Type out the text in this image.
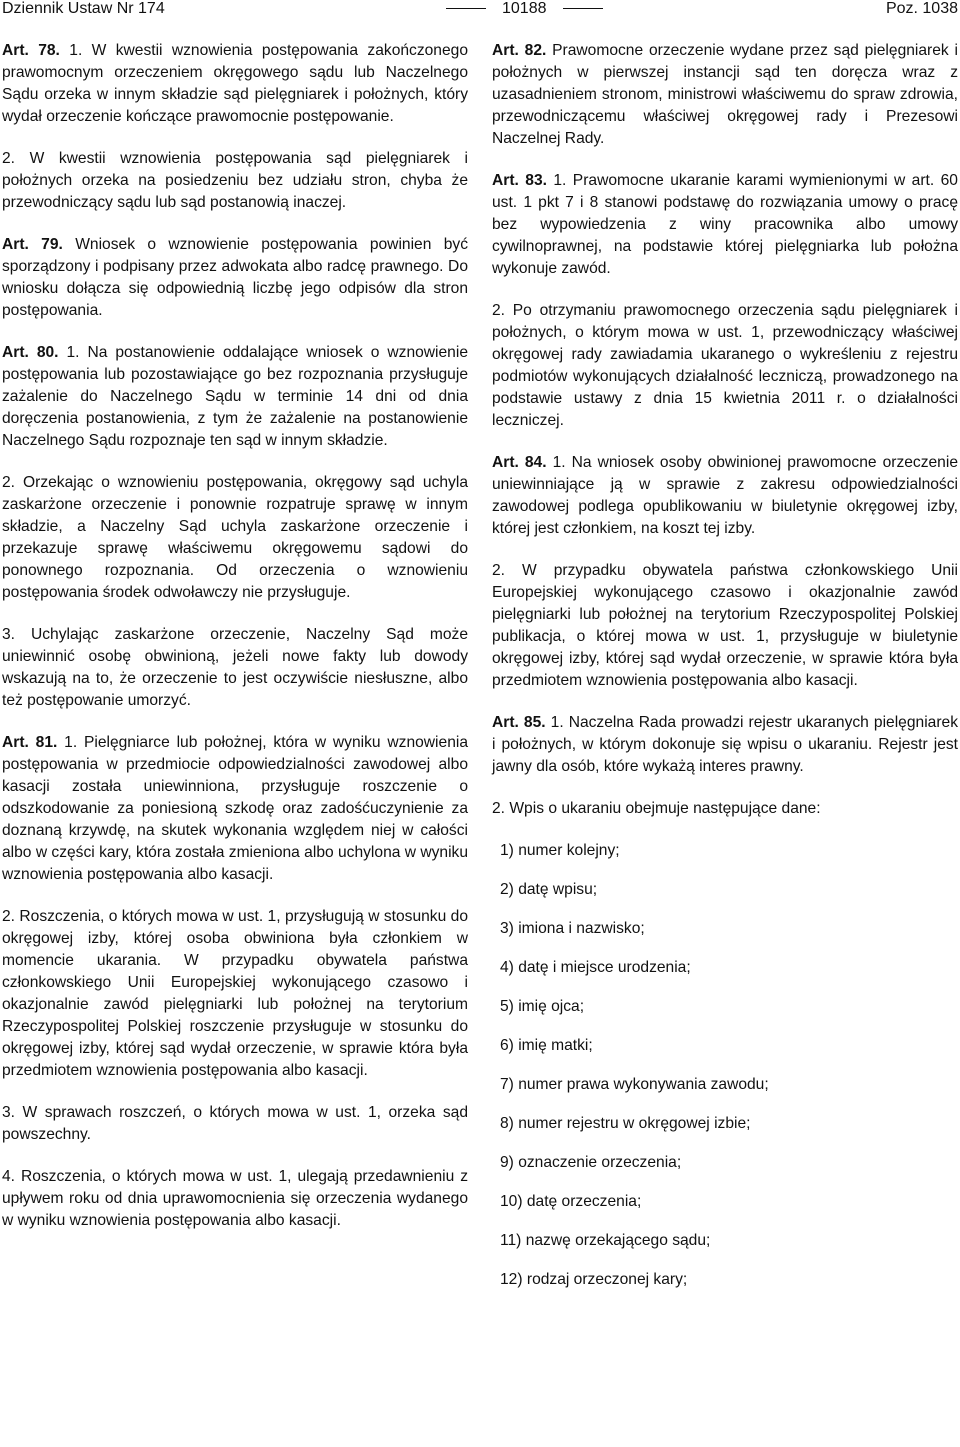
Dziennik Ustaw Nr 174	10188	Poz. 1038

Art. 78. 1. W kwestii wznowienia postępowania zakończonego prawomocnym orzeczeniem okręgowego sądu lub Naczelnego Sądu orzeka w innym składzie sąd pielęgniarek i położnych, który wydał orzeczenie kończące prawomocnie postępowanie.

2. W kwestii wznowienia postępowania sąd pielęgniarek i położnych orzeka na posiedzeniu bez udziału stron, chyba że przewodniczący sądu lub sąd postanowią inaczej.

Art. 79. Wniosek o wznowienie postępowania powinien być sporządzony i podpisany przez adwokata albo radcę prawnego. Do wniosku dołącza się odpowiednią liczbę jego odpisów dla stron postępowania.

Art. 80. 1. Na postanowienie oddalające wniosek o wznowienie postępowania lub pozostawiające go bez rozpoznania przysługuje zażalenie do Naczelnego Sądu w terminie 14 dni od dnia doręczenia postanowienia, z tym że zażalenie na postanowienie Naczelnego Sądu rozpoznaje ten sąd w innym składzie.

2. Orzekając o wznowieniu postępowania, okręgowy sąd uchyla zaskarżone orzeczenie i ponownie rozpatruje sprawę w innym składzie, a Naczelny Sąd uchyla zaskarżone orzeczenie i przekazuje sprawę właściwemu okręgowemu sądowi do ponownego rozpoznania. Od orzeczenia o wznowieniu postępowania środek odwoławczy nie przysługuje.

3. Uchylając zaskarżone orzeczenie, Naczelny Sąd może uniewinnić osobę obwinioną, jeżeli nowe fakty lub dowody wskazują na to, że orzeczenie to jest oczywiście niesłuszne, albo też postępowanie umorzyć.

Art. 81. 1. Pielęgniarce lub położnej, która w wyniku wznowienia postępowania w przedmiocie odpowiedzialności zawodowej albo kasacji została uniewinniona, przysługuje roszczenie o odszkodowanie za poniesioną szkodę oraz zadośćuczynienie za doznaną krzywdę, na skutek wykonania względem niej w całości albo w części kary, która została zmieniona albo uchylona w wyniku wznowienia postępowania albo kasacji.

2. Roszczenia, o których mowa w ust. 1, przysługują w stosunku do okręgowej izby, której osoba obwiniona była członkiem w momencie ukarania. W przypadku obywatela państwa członkowskiego Unii Europejskiej wykonującego czasowo i okazjonalnie zawód pielęgniarki lub położnej na terytorium Rzeczypospolitej Polskiej roszczenie przysługuje w stosunku do okręgowej izby, której sąd wydał orzeczenie, w sprawie która była przedmiotem wznowienia postępowania albo kasacji.

3. W sprawach roszczeń, o których mowa w ust. 1, orzeka sąd powszechny.

4. Roszczenia, o których mowa w ust. 1, ulegają przedawnieniu z upływem roku od dnia uprawomocnienia się orzeczenia wydanego w wyniku wznowienia postępowania albo kasacji.

Art. 82. Prawomocne orzeczenie wydane przez sąd pielęgniarek i położnych w pierwszej instancji sąd ten doręcza wraz z uzasadnieniem stronom, ministrowi właściwemu do spraw zdrowia, przewodniczącemu właściwej okręgowej rady i Prezesowi Naczelnej Rady.

Art. 83. 1. Prawomocne ukaranie karami wymienionymi w art. 60 ust. 1 pkt 7 i 8 stanowi podstawę do rozwiązania umowy o pracę bez wypowiedzenia z winy pracownika albo umowy cywilnoprawnej, na podstawie której pielęgniarka lub położna wykonuje zawód.

2. Po otrzymaniu prawomocnego orzeczenia sądu pielęgniarek i położnych, o którym mowa w ust. 1, przewodniczący właściwej okręgowej rady zawiadamia ukaranego o wykreśleniu z rejestru podmiotów wykonujących działalność leczniczą, prowadzonego na podstawie ustawy z dnia 15 kwietnia 2011 r. o działalności leczniczej.

Art. 84. 1. Na wniosek osoby obwinionej prawomocne orzeczenie uniewinniające ją w sprawie z zakresu odpowiedzialności zawodowej podlega opublikowaniu w biuletynie okręgowej izby, której jest członkiem, na koszt tej izby.

2. W przypadku obywatela państwa członkowskiego Unii Europejskiej wykonującego czasowo i okazjonalnie zawód pielęgniarki lub położnej na terytorium Rzeczypospolitej Polskiej publikacja, o której mowa w ust. 1, przysługuje w biuletynie okręgowej izby, której sąd wydał orzeczenie, w sprawie która była przedmiotem wznowienia postępowania albo kasacji.

Art. 85. 1. Naczelna Rada prowadzi rejestr ukaranych pielęgniarek i położnych, w którym dokonuje się wpisu o ukaraniu. Rejestr jest jawny dla osób, które wykażą interes prawny.

2. Wpis o ukaraniu obejmuje następujące dane:

1) numer kolejny;
2) datę wpisu;
3) imiona i nazwisko;
4) datę i miejsce urodzenia;
5) imię ojca;
6) imię matki;
7) numer prawa wykonywania zawodu;
8) numer rejestru w okręgowej izbie;
9) oznaczenie orzeczenia;
10) datę orzeczenia;
11) nazwę orzekającego sądu;
12) rodzaj orzeczonej kary;
